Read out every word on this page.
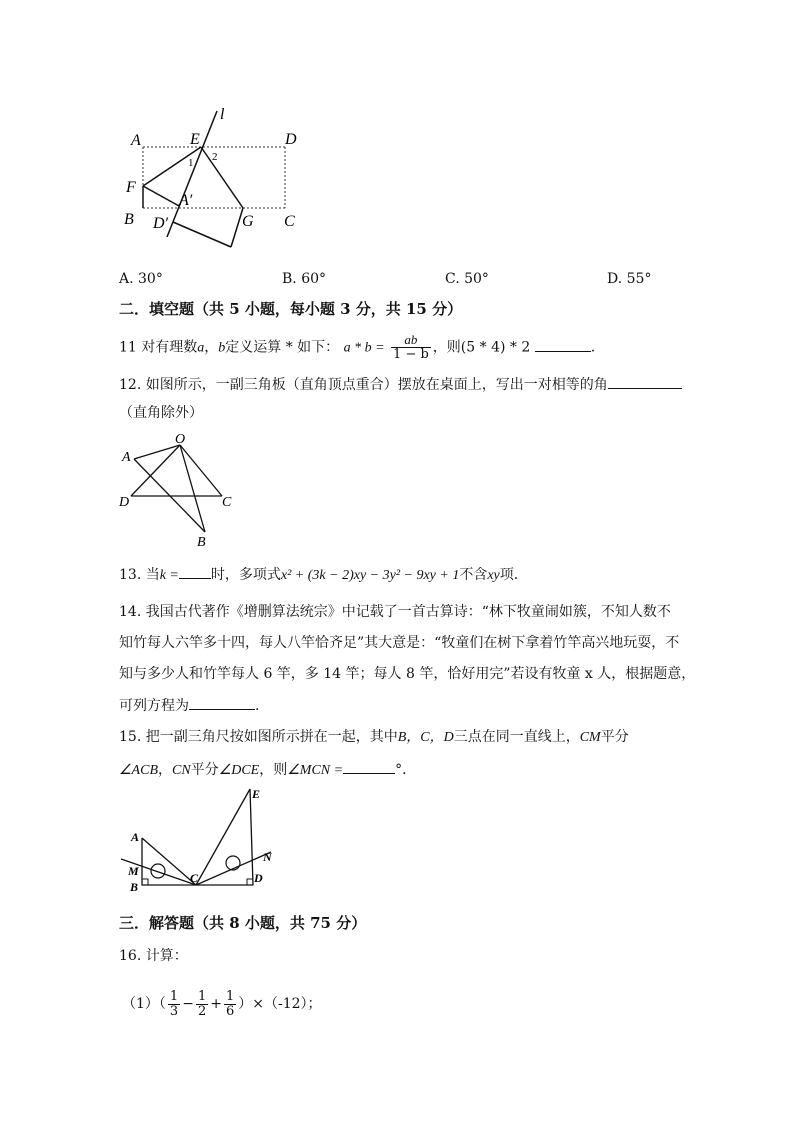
A	E	D
l
F
1 2
A′
B D′	G C
A. 30°	B. 60°	C. 50°	D. 55°
二．填空题（共 5 小题，每小题 3 分，共 15 分）
11 对有理数a，b定义运算 * 如下： $a * b = \frac{ab}{1 - b}$ ，则(5 * 4) * 2	.
12. 如图所示，一副三角板（直角顶点重合）摆放在桌面上，写出一对相等的角
（直角除外）
O
A
D	C
B
13. 当k = 时，多项式x² + (3k − 2)xy − 3y² − 9xy + 1不含xy项．
14. 我国古代著作《增删算法统宗》中记载了一首古算诗：“林下牧童闹如簇，不知人数不
知竹每人六竿多十四，每人八竿恰齐足”其大意是：“牧童们在树下拿着竹竿高兴地玩耍，不
知与多少人和竹竿每人 6 竿，多 14 竿；每人 8 竿，恰好用完”若设有牧童 x 人，根据题意，
可列方程为	.
15. 把一副三角尺按如图所示拼在一起，其中B，C，D三点在同一直线上，CM平分
∠ACB，CN平分∠DCE，则∠MCN =	°．
E
A
N
M
B
C	D
三．解答题（共 8 小题，共 75 分）
16. 计算：
$(1)( \frac{1}{3} - \frac{1}{2} + \frac{1}{6} )\times(-12)$；
